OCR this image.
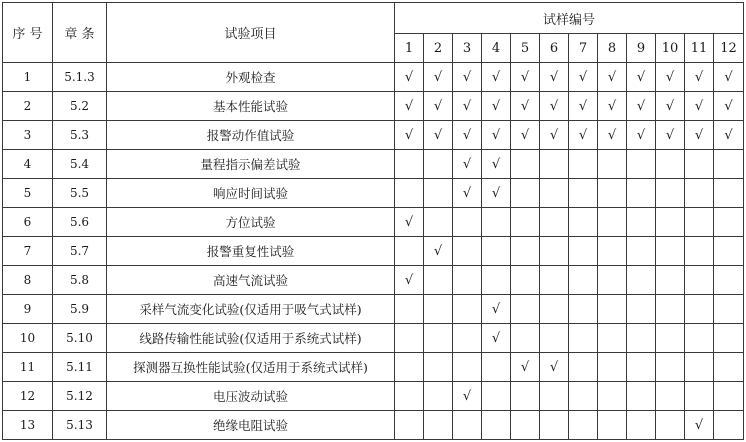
序 号	章 条	试验项目	试样编号											
			1	2	3	4	5	6	7	8	9	10	11	12
1	5.1.3	外观检查	√	√	√	√	√	√	√	√	√	√	√	√
2	5.2	基本性能试验	√	√	√	√	√	√	√	√	√	√	√	√
3	5.3	报警动作值试验	√	√	√	√	√	√	√	√	√	√	√	√
4	5.4	量程指示偏差试验			√	√								
5	5.5	响应时间试验			√	√								
6	5.6	方位试验	√											
7	5.7	报警重复性试验		√										
8	5.8	高速气流试验	√											
9	5.9	采样气流变化试验(仅适用于吸气式试样)				√								
10	5.10	线路传输性能试验(仅适用于系统式试样)				√								
11	5.11	探测器互换性能试验(仅适用于系统式试样)					√	√						
12	5.12	电压波动试验			√									
13	5.13	绝缘电阻试验											√	
